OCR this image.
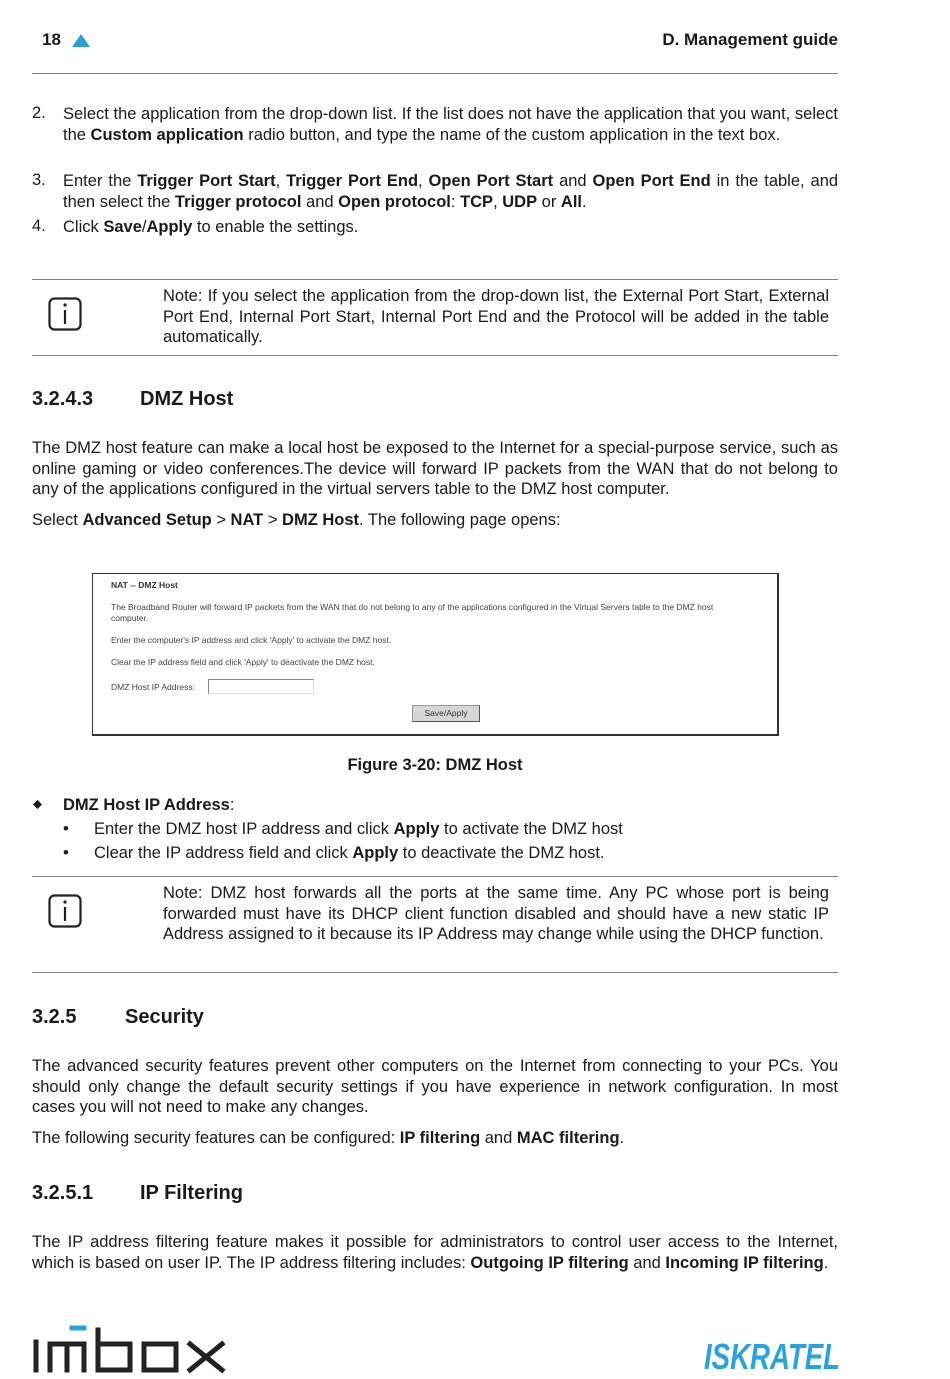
18	D. Management guide
2. Select the application from the drop-down list. If the list does not have the application that you want, select the Custom application radio button, and type the name of the custom application in the text box.
3. Enter the Trigger Port Start, Trigger Port End, Open Port Start and Open Port End in the table, and then select the Trigger protocol and Open protocol: TCP, UDP or All.
4. Click Save/Apply to enable the settings.
Note: If you select the application from the drop-down list, the External Port Start, External Port End, Internal Port Start, Internal Port End and the Protocol will be added in the table automatically.
3.2.4.3 DMZ Host
The DMZ host feature can make a local host be exposed to the Internet for a special-purpose service, such as online gaming or video conferences.The device will forward IP packets from the WAN that do not belong to any of the applications configured in the virtual servers table to the DMZ host computer.
Select Advanced Setup > NAT > DMZ Host. The following page opens:
NAT -- DMZ Host
The Broadband Router will forward IP packets from the WAN that do not belong to any of the applications configured in the Virtual Servers table to the DMZ host
computer.
Enter the computer's IP address and click 'Apply' to activate the DMZ host.
Clear the IP address field and click 'Apply' to deactivate the DMZ host.
DMZ Host IP Address:
Save/Apply
Figure 3-20: DMZ Host
DMZ Host IP Address:
• Enter the DMZ host IP address and click Apply to activate the DMZ host
• Clear the IP address field and click Apply to deactivate the DMZ host.
Note: DMZ host forwards all the ports at the same time. Any PC whose port is being forwarded must have its DHCP client function disabled and should have a new static IP Address assigned to it because its IP Address may change while using the DHCP function.
3.2.5 Security
The advanced security features prevent other computers on the Internet from connecting to your PCs. You should only change the default security settings if you have experience in network configuration. In most cases you will not need to make any changes.
The following security features can be configured: IP filtering and MAC filtering.
3.2.5.1 IP Filtering
The IP address filtering feature makes it possible for administrators to control user access to the Internet, which is based on user IP. The IP address filtering includes: Outgoing IP filtering and Incoming IP filtering.
ISKRATEL
